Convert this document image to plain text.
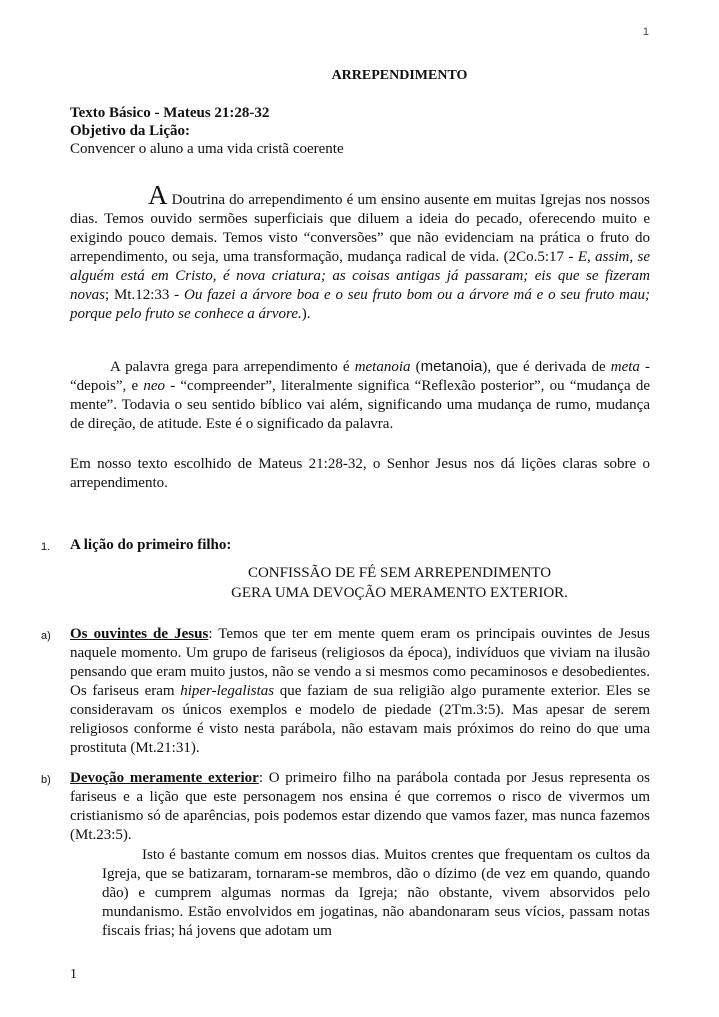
1
ARREPENDIMENTO
Texto Básico - Mateus 21:28-32
Objetivo da Lição:
Convencer o aluno a uma vida cristã coerente
A Doutrina do arrependimento é um ensino ausente em muitas Igrejas nos nossos dias. Temos ouvido sermões superficiais que diluem a ideia do pecado, oferecendo muito e exigindo pouco demais. Temos visto “conversões” que não evidenciam na prática o fruto do arrependimento, ou seja, uma transformação, mudança radical de vida. (2Co.5:17 - E, assim, se alguém está em Cristo, é nova criatura; as coisas antigas já passaram; eis que se fizeram novas; Mt.12:33 - Ou fazei a árvore boa e o seu fruto bom ou a árvore má e o seu fruto mau; porque pelo fruto se conhece a árvore.).
A palavra grega para arrependimento é metanoia (metanoia), que é derivada de meta - “depois”, e neo - “compreender”, literalmente significa “Reflexão posterior”, ou “mudança de mente”. Todavia o seu sentido bíblico vai além, significando uma mudança de rumo, mudança de direção, de atitude. Este é o significado da palavra.
Em nosso texto escolhido de Mateus 21:28-32, o Senhor Jesus nos dá lições claras sobre o arrependimento.
1. A lição do primeiro filho:
CONFISSÃO DE FÉ SEM ARREPENDIMENTO
GERA UMA DEVOÇÃO MERAMENTO EXTERIOR.
a) Os ouvintes de Jesus: Temos que ter em mente quem eram os principais ouvintes de Jesus naquele momento. Um grupo de fariseus (religiosos da época), indivíduos que viviam na ilusão pensando que eram muito justos, não se vendo a si mesmos como pecaminosos e desobedientes. Os fariseus eram hiper-legalistas que faziam de sua religião algo puramente exterior. Eles se consideravam os únicos exemplos e modelo de piedade (2Tm.3:5). Mas apesar de serem religiosos conforme é visto nesta parábola, não estavam mais próximos do reino do que uma prostituta (Mt.21:31).
b) Devoção meramente exterior: O primeiro filho na parábola contada por Jesus representa os fariseus e a lição que este personagem nos ensina é que corremos o risco de vivermos um cristianismo só de aparências, pois podemos estar dizendo que vamos fazer, mas nunca fazemos (Mt.23:5).
Isto é bastante comum em nossos dias. Muitos crentes que frequentam os cultos da Igreja, que se batizaram, tornaram-se membros, dão o dízimo (de vez em quando, quando dão) e cumprem algumas normas da Igreja; não obstante, vivem absorvidos pelo mundanismo. Estão envolvidos em jogatinas, não abandonaram seus vícios, passam notas fiscais frias; há jovens que adotam um
1
